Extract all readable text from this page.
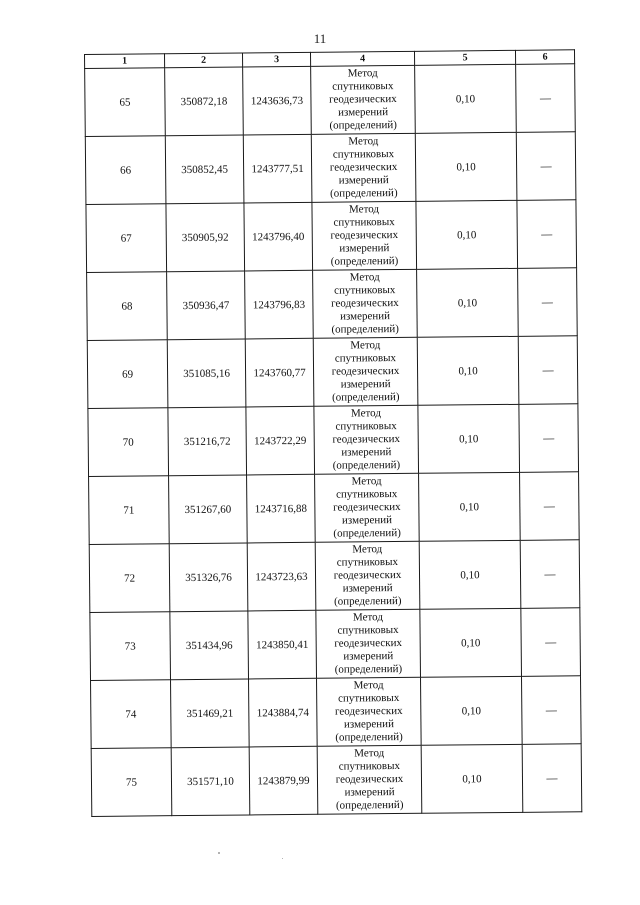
11
1	2	3	4	5	6
65	350872,18	1243636,73	Метод
спутниковых
геодезических
измерений
(определений)	0,10	—
66	350852,45	1243777,51	Метод
спутниковых
геодезических
измерений
(определений)	0,10	—
67	350905,92	1243796,40	Метод
спутниковых
геодезических
измерений
(определений)	0,10	—
68	350936,47	1243796,83	Метод
спутниковых
геодезических
измерений
(определений)	0,10	—
69	351085,16	1243760,77	Метод
спутниковых
геодезических
измерений
(определений)	0,10	—
70	351216,72	1243722,29	Метод
спутниковых
геодезических
измерений
(определений)	0,10	—
71	351267,60	1243716,88	Метод
спутниковых
геодезических
измерений
(определений)	0,10	—
72	351326,76	1243723,63	Метод
спутниковых
геодезических
измерений
(определений)	0,10	—
73	351434,96	1243850,41	Метод
спутниковых
геодезических
измерений
(определений)	0,10	—
74	351469,21	1243884,74	Метод
спутниковых
геодезических
измерений
(определений)	0,10	—
75	351571,10	1243879,99	Метод
спутниковых
геодезических
измерений
(определений)	0,10	—
